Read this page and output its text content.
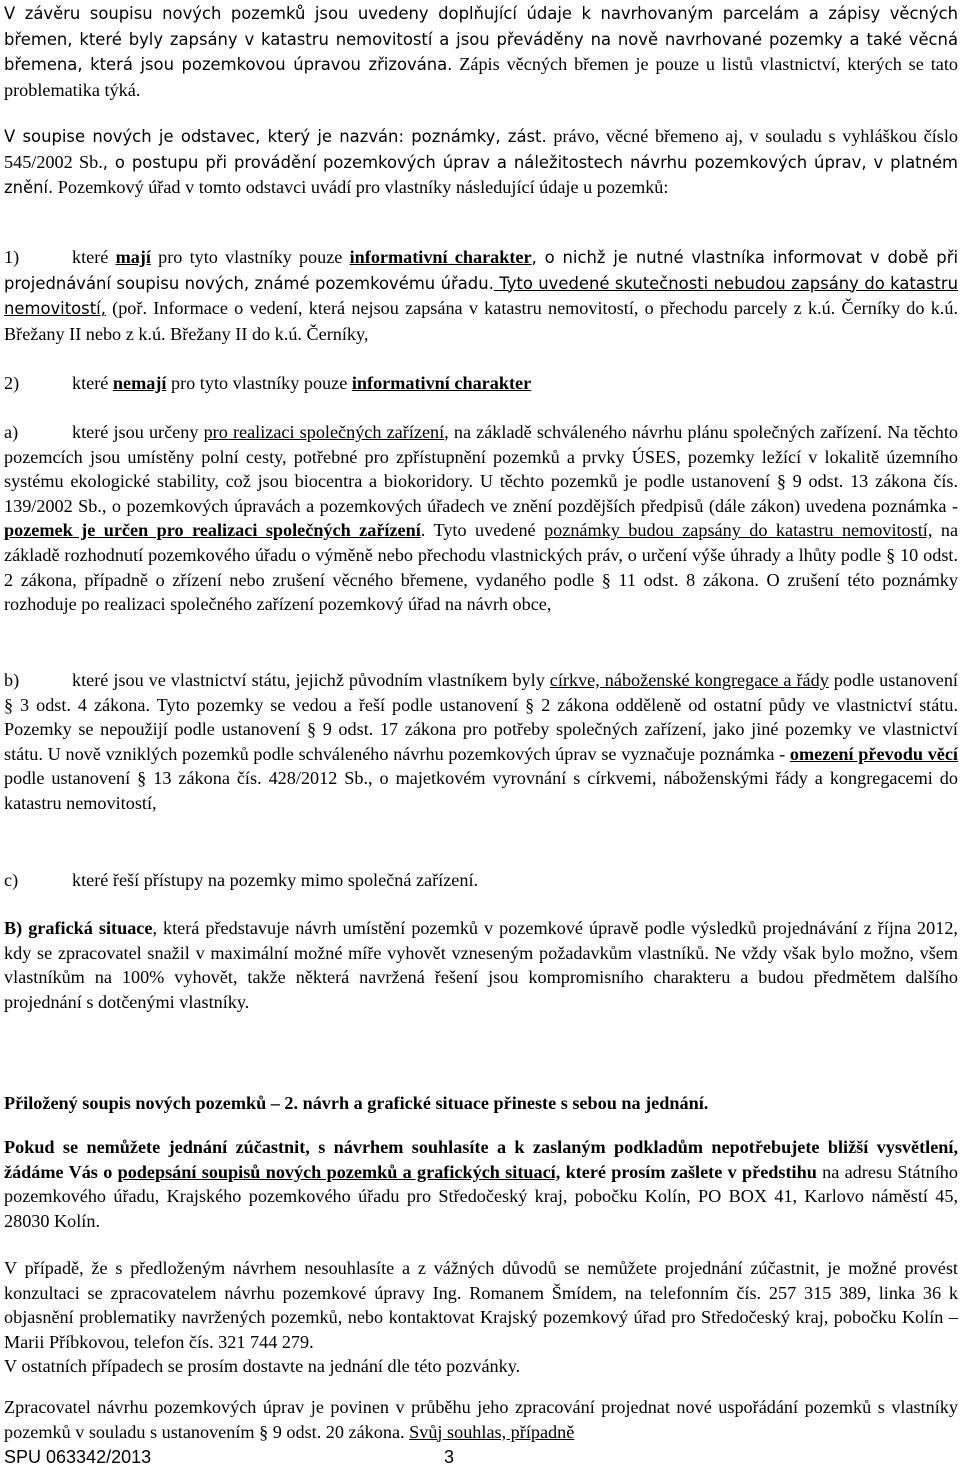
V závěru soupisu nových pozemků jsou uvedeny doplňující údaje k navrhovaným parcelám a zápisy věcných břemen, které byly zapsány v katastru nemovitostí a jsou převáděny na nově navrhované pozemky a také věcná břemena, která jsou pozemkovou úpravou zřizována. Zápis věcných břemen je pouze u listů vlastnictví, kterých se tato problematika týká.

V soupise nových je odstavec, který je nazván: poznámky, zást. právo, věcné břemeno aj, v souladu s vyhláškou číslo 545/2002 Sb., o postupu při provádění pozemkových úprav a náležitostech návrhu pozemkových úprav, v platném znění. Pozemkový úřad v tomto odstavci uvádí pro vlastníky následující údaje u pozemků:

1)	které mají pro tyto vlastníky pouze informativní charakter, o nichž je nutné vlastníka informovat v době při projednávání soupisu nových, známé pozemkovému úřadu. Tyto uvedené skutečnosti nebudou zapsány do katastru nemovitostí, (poř. Informace o vedení, která nejsou zapsána v katastru nemovitostí, o přechodu parcely z k.ú. Černíky do k.ú. Břežany II nebo z k.ú. Břežany II do k.ú. Černíky,

2)	které nemají pro tyto vlastníky pouze informativní charakter

a)	které jsou určeny pro realizaci společných zařízení, na základě schváleného návrhu plánu společných zařízení. Na těchto pozemcích jsou umístěny polní cesty, potřebné pro zpřístupnění pozemků a prvky ÚSES, pozemky ležící v lokalitě územního systému ekologické stability, což jsou biocentra a biokoridory. U těchto pozemků je podle ustanovení § 9 odst. 13 zákona čís. 139/2002 Sb., o pozemkových úpravách a pozemkových úřadech ve znění pozdějších předpisů (dále zákon) uvedena poznámka - pozemek je určen pro realizaci společných zařízení. Tyto uvedené poznámky budou zapsány do katastru nemovitostí, na základě rozhodnutí pozemkového úřadu o výměně nebo přechodu vlastnických práv, o určení výše úhrady a lhůty podle § 10 odst. 2 zákona, případně o zřízení nebo zrušení věcného břemene, vydaného podle § 11 odst. 8 zákona. O zrušení této poznámky rozhoduje po realizaci společného zařízení pozemkový úřad na návrh obce,

b)	které jsou ve vlastnictví státu, jejichž původním vlastníkem byly církve, náboženské kongregace a řády podle ustanovení § 3 odst. 4 zákona. Tyto pozemky se vedou a řeší podle ustanovení § 2 zákona odděleně od ostatní půdy ve vlastnictví státu. Pozemky se nepoužijí podle ustanovení § 9 odst. 17 zákona pro potřeby společných zařízení, jako jiné pozemky ve vlastnictví státu. U nově vzniklých pozemků podle schváleného návrhu pozemkových úprav se vyznačuje poznámka - omezení převodu věcí podle ustanovení § 13 zákona čís. 428/2012 Sb., o majetkovém vyrovnání s církvemi, náboženskými řády a kongregacemi do katastru nemovitostí,

c)	které řeší přístupy na pozemky mimo společná zařízení.

B) grafická situace, která představuje návrh umístění pozemků v pozemkové úpravě podle výsledků projednávání z října 2012, kdy se zpracovatel snažil v maximální možné míře vyhovět vzneseným požadavkům vlastníků. Ne vždy však bylo možno, všem vlastníkům na 100% vyhovět, takže některá navržená řešení jsou kompromisního charakteru a budou předmětem dalšího projednání s dotčenými vlastníky.

Přiložený soupis nových pozemků – 2. návrh a grafické situace přineste s sebou na jednání.

Pokud se nemůžete jednání zúčastnit, s návrhem souhlasíte a k zaslaným podkladům nepotřebujete bližší vysvětlení, žádáme Vás o podepsání soupisů nových pozemků a grafických situací, které prosím zašlete v předstihu na adresu Státního pozemkového úřadu, Krajského pozemkového úřadu pro Středočeský kraj, pobočku Kolín, PO BOX 41, Karlovo náměstí 45, 28030 Kolín.

V případě, že s předloženým návrhem nesouhlasíte a z vážných důvodů se nemůžete projednání zúčastnit, je možné provést konzultaci se zpracovatelem návrhu pozemkové úpravy Ing. Romanem Šmídem, na telefonním čís. 257 315 389, linka 36 k objasnění problematiky navržených pozemků, nebo kontaktovat Krajský pozemkový úřad pro Středočeský kraj, pobočku Kolín – Marii Příbkovou, telefon čís. 321 744 279.
V ostatních případech se prosím dostavte na jednání dle této pozvánky.

Zpracovatel návrhu pozemkových úprav je povinen v průběhu jeho zpracování projednat nové uspořádání pozemků s vlastníky pozemků v souladu s ustanovením § 9 odst. 20 zákona. Svůj souhlas, případně

SPU 063342/2013	3
